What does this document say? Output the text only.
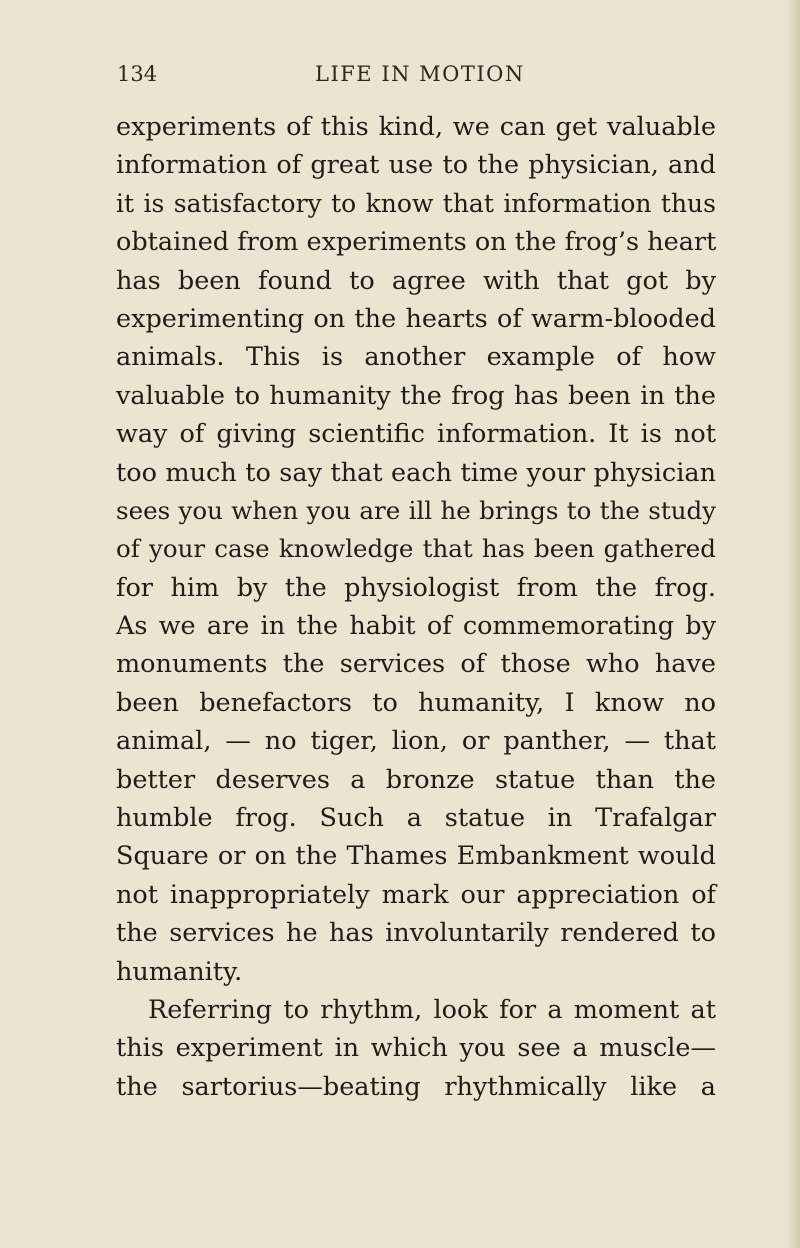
134	LIFE IN MOTION
experiments of this kind, we can get valuable
information of great use to the physician, and
it is satisfactory to know that information thus
obtained from experiments on the frog’s heart
has been found to agree with that got by
experimenting on the hearts of warm-blooded
animals. This is another example of how
valuable to humanity the frog has been in the
way of giving scientific information. It is not
too much to say that each time your physician
sees you when you are ill he brings to the study
of your case knowledge that has been gathered
for him by the physiologist from the frog.
As we are in the habit of commemorating by
monuments the services of those who have
been benefactors to humanity, I know no
animal, — no tiger, lion, or panther, — that
better deserves a bronze statue than the
humble frog. Such a statue in Trafalgar
Square or on the Thames Embankment would
not inappropriately mark our appreciation of
the services he has involuntarily rendered to
humanity.
Referring to rhythm, look for a moment at
this experiment in which you see a muscle—
the sartorius—beating rhythmically like a
